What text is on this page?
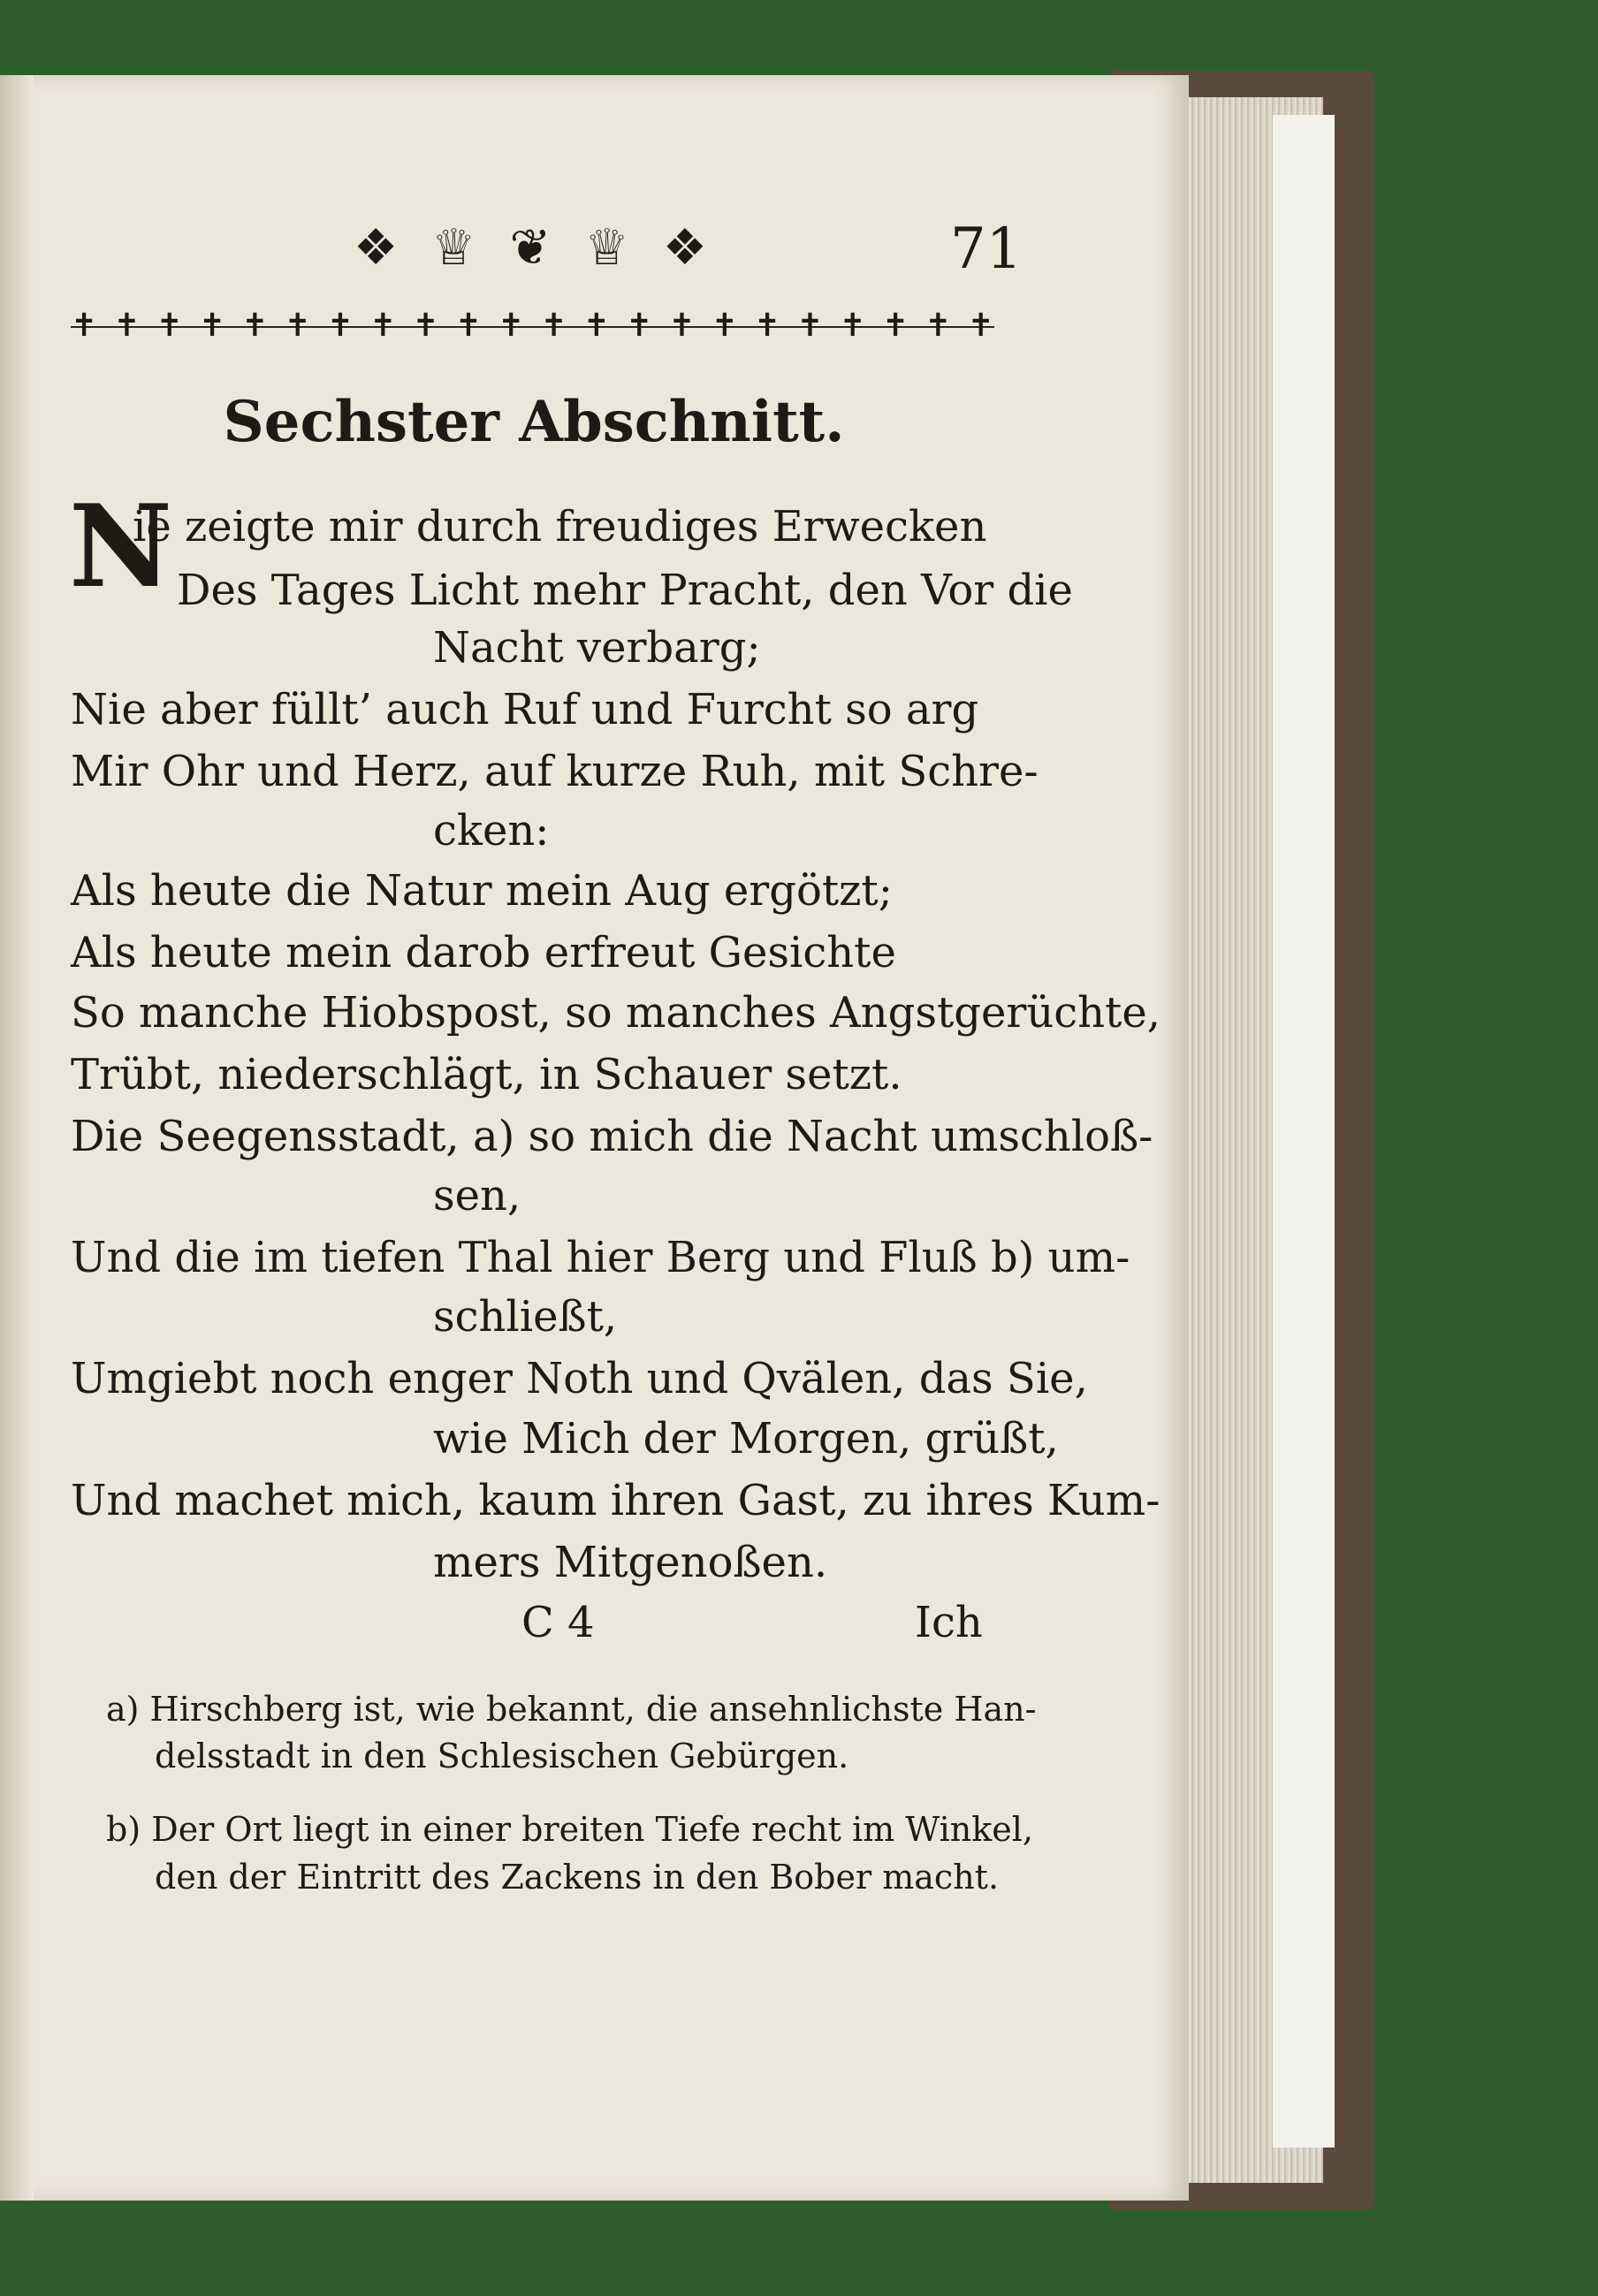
❖ ♕ ❦ ♕ ❖	71
✝ ✝ ✝ ✝ ✝ ✝ ✝ ✝ ✝ ✝ ✝ ✝ ✝ ✝ ✝ ✝ ✝ ✝ ✝ ✝ ✝ ✝
Sechster Abschnitt.
N
ie zeigte mir durch freudiges Erwecken
Des Tages Licht mehr Pracht, den Vor die
Nacht verbarg;
Nie aber füllt’ auch Ruf und Furcht so arg
Mir Ohr und Herz, auf kurze Ruh, mit Schre-
cken:
Als heute die Natur mein Aug ergötzt;
Als heute mein darob erfreut Gesichte
So manche Hiobspost, so manches Angstgerüchte,
Trübt, niederschlägt, in Schauer setzt.
Die Seegensstadt, a) so mich die Nacht umschloß-
sen,
Und die im tiefen Thal hier Berg und Fluß b) um-
schließt,
Umgiebt noch enger Noth und Qvälen, das Sie,
wie Mich der Morgen, grüßt,
Und machet mich, kaum ihren Gast, zu ihres Kum-
mers Mitgenoßen.
C 4	Ich
a) Hirschberg ist, wie bekannt, die ansehnlichste Han-
delsstadt in den Schlesischen Gebürgen.
b) Der Ort liegt in einer breiten Tiefe recht im Winkel,
den der Eintritt des Zackens in den Bober macht.
